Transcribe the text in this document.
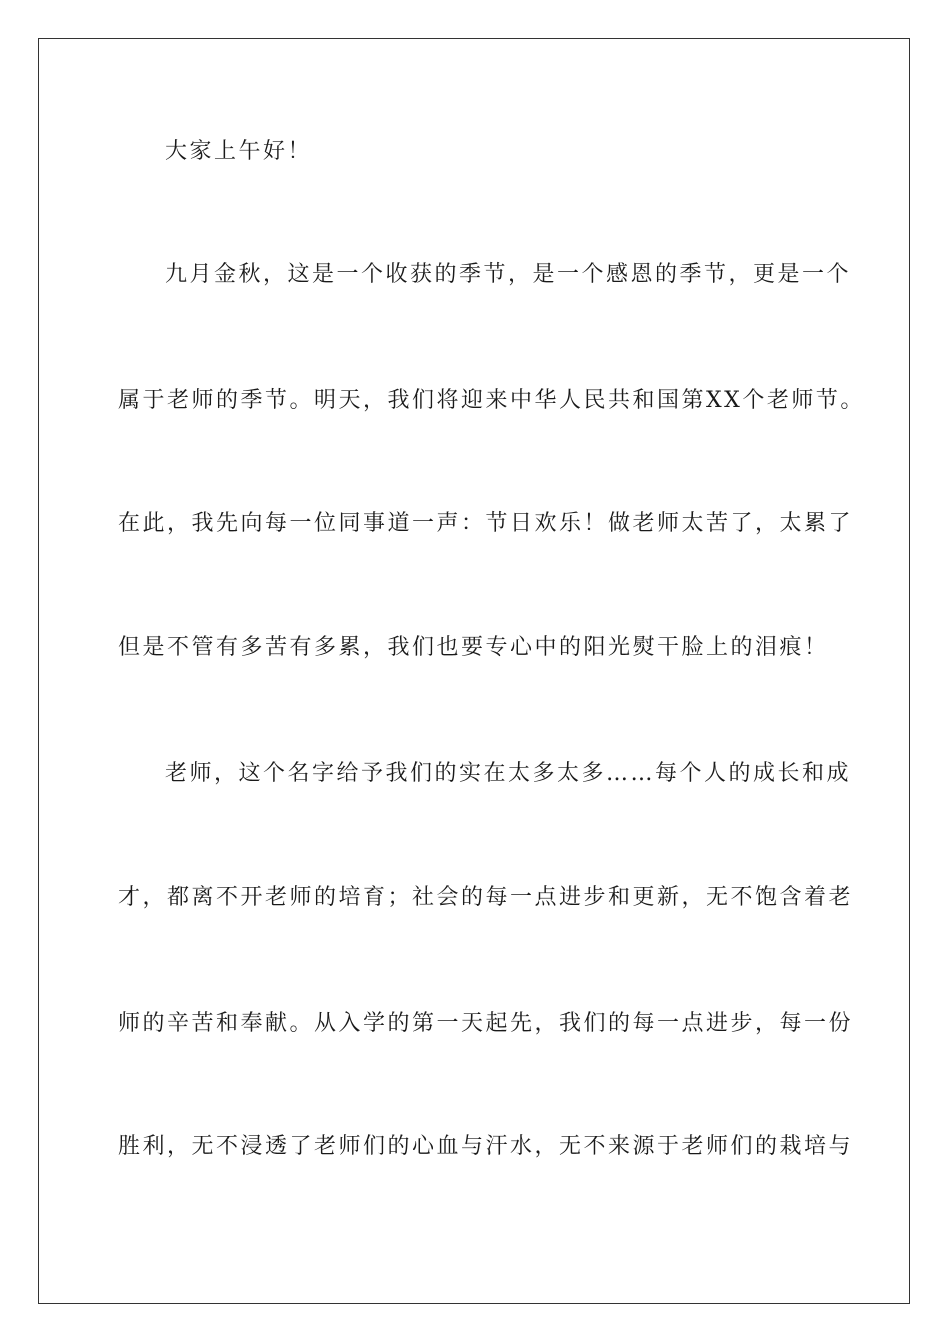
大家上午好！
九月金秋，这是一个收获的季节，是一个感恩的季节，更是一个
属于老师的季节。明天，我们将迎来中华人民共和国第XX个老师节。
在此，我先向每一位同事道一声：节日欢乐！做老师太苦了，太累了
但是不管有多苦有多累，我们也要专心中的阳光熨干脸上的泪痕！
老师，这个名字给予我们的实在太多太多……每个人的成长和成
才，都离不开老师的培育；社会的每一点进步和更新，无不饱含着老
师的辛苦和奉献。从入学的第一天起先，我们的每一点进步，每一份
胜利，无不浸透了老师们的心血与汗水，无不来源于老师们的栽培与
